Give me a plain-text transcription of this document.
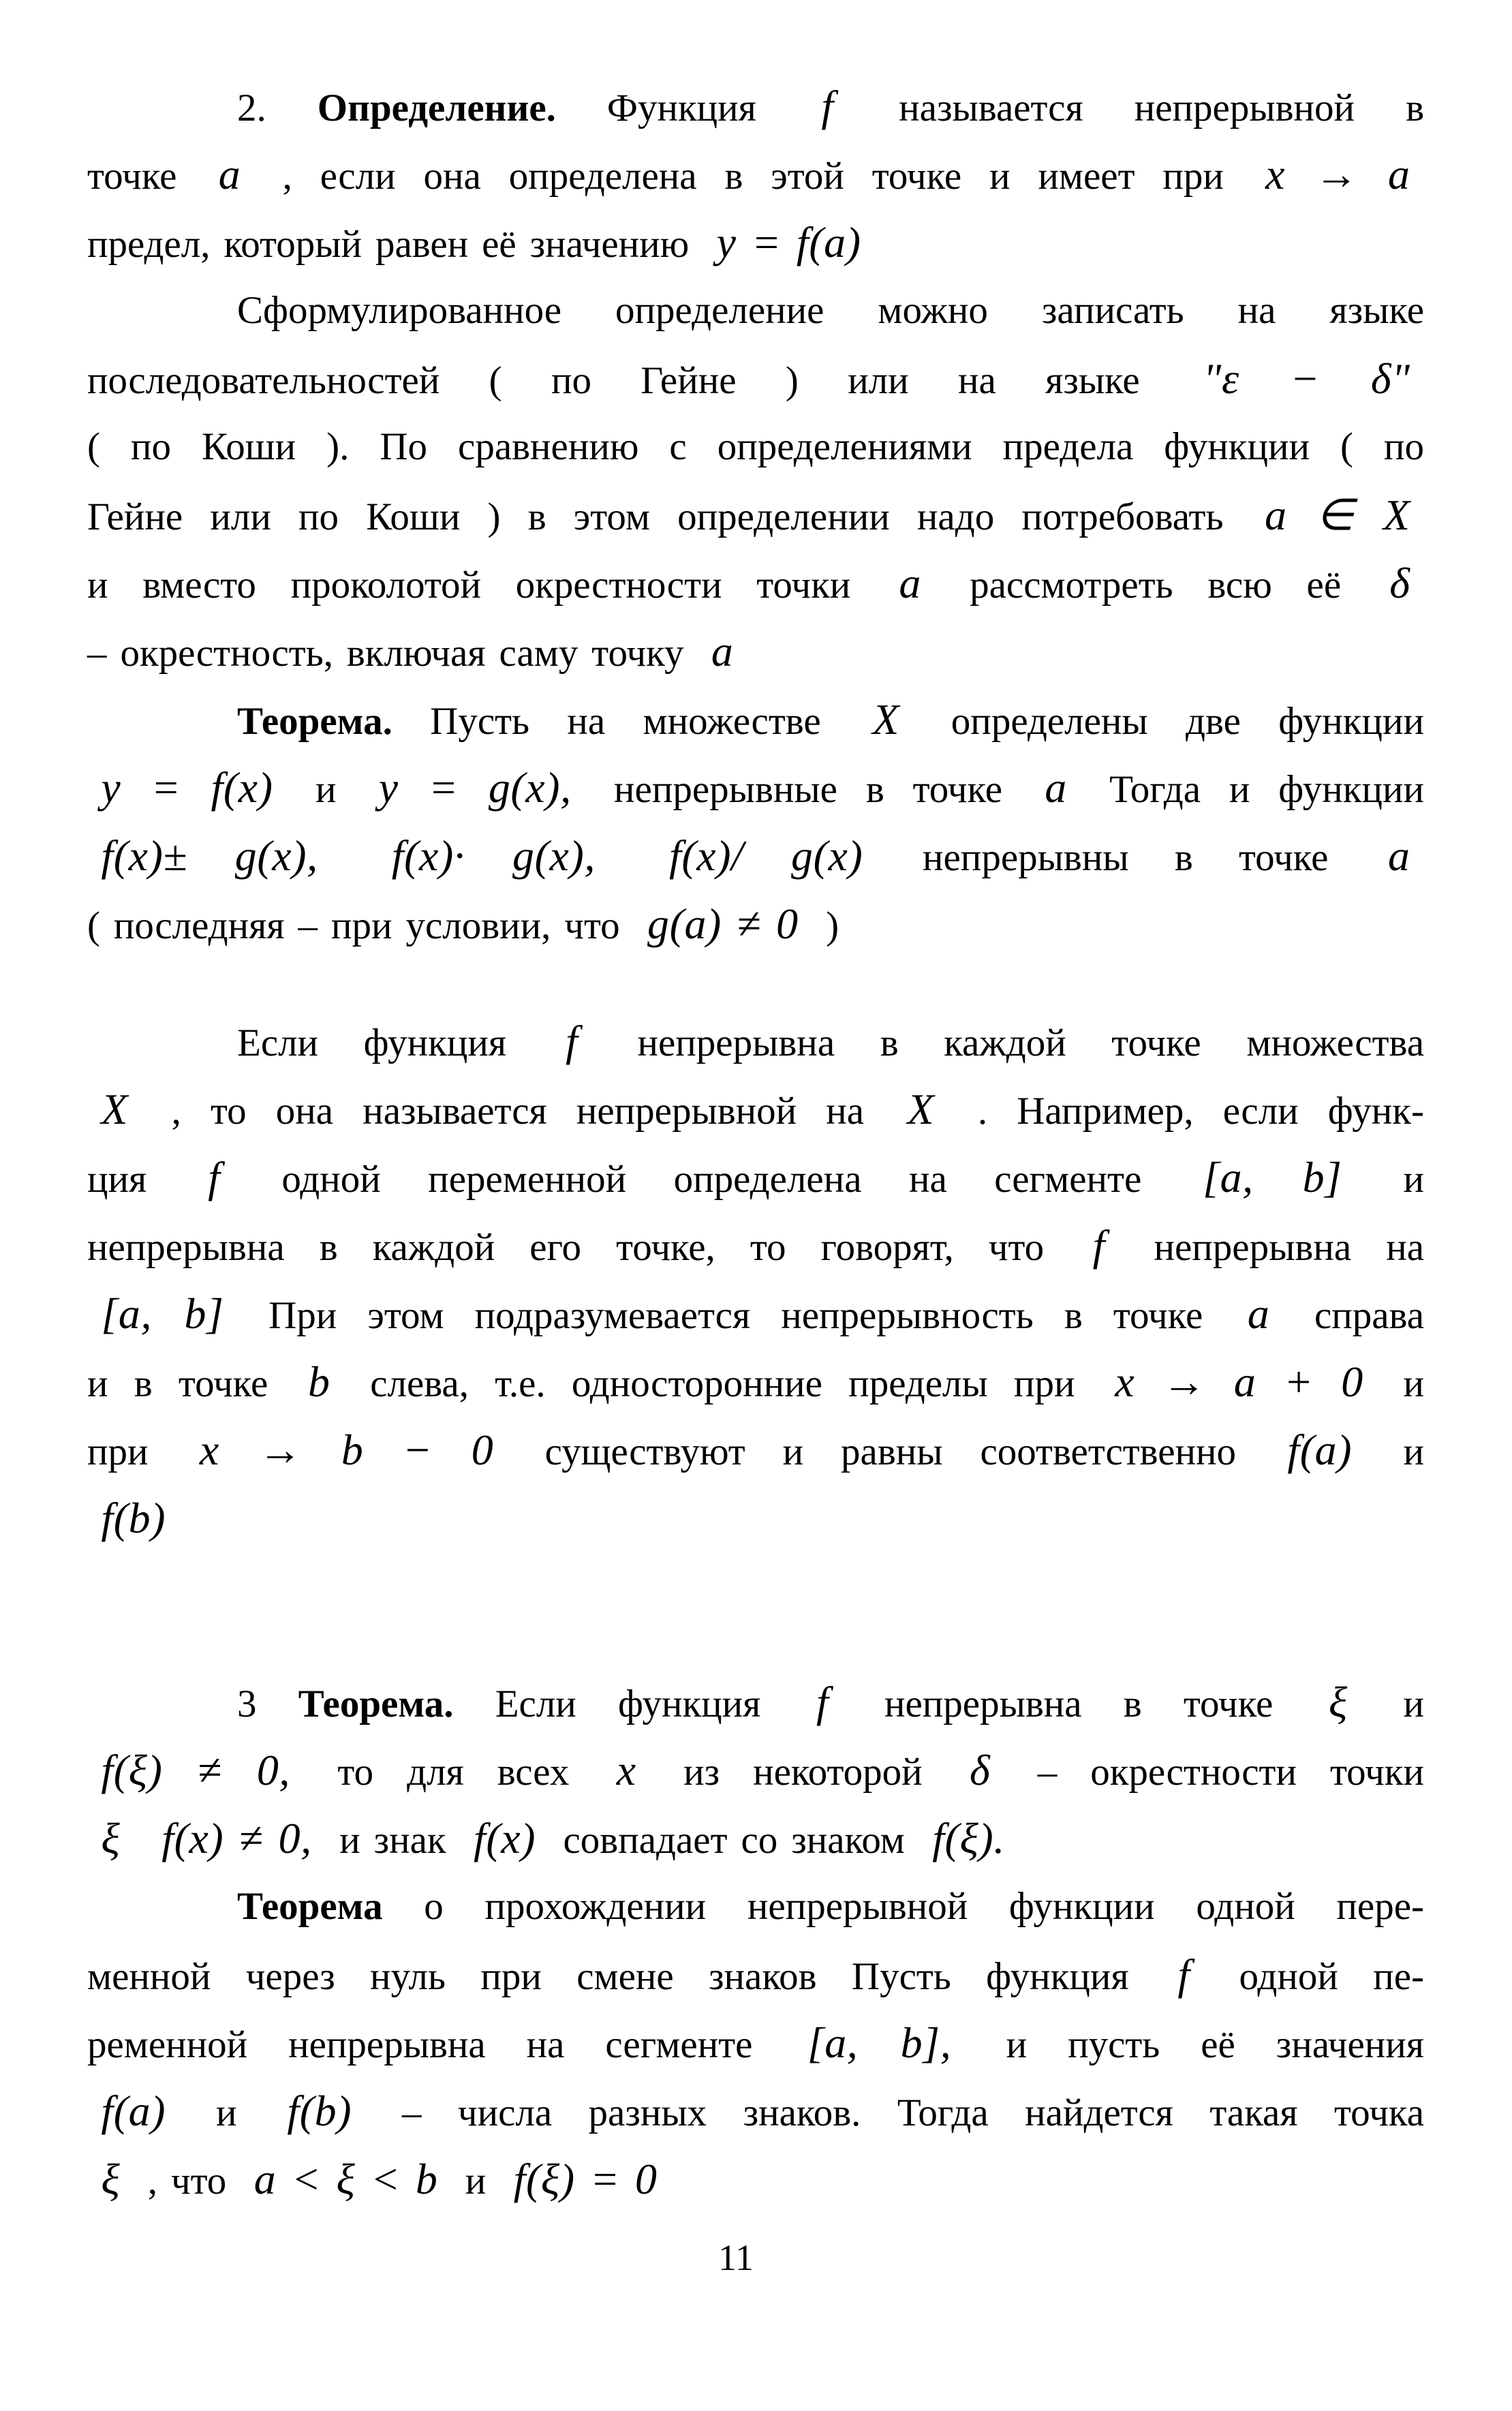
2. Определение. Функция f называется непрерывной в
точке a , если она определена в этой точке и имеет при x → a
предел, который равен её значению y = f(a)
Сформулированное определение можно записать на языке
последовательностей ( по Гейне ) или на языке "ε − δ"
( по Коши ). По сравнению с определениями предела функции ( по
Гейне или по Коши ) в этом определении надо потребовать a ∈ X
и вместо проколотой окрестности точки a рассмотреть всю её δ
– окрестность, включая саму точку a
Теорема. Пусть на множестве X определены две функции
y = f(x) и y = g(x), непрерывные в точке a Тогда и функции
f(x)± g(x), f(x)· g(x), f(x)/ g(x) непрерывны в точке a
( последняя – при условии, что g(a) ≠ 0 )
Если функция f непрерывна в каждой точке множества
X , то она называется непрерывной на X . Например, если функ-
ция f одной переменной определена на сегменте [a, b] и
непрерывна в каждой его точке, то говорят, что f непрерывна на
[a, b] При этом подразумевается непрерывность в точке a справа
и в точке b слева, т.е. односторонние пределы при x → a + 0 и
при x → b − 0 существуют и равны соответственно f(a) и
f(b)
3 Теорема. Если функция f непрерывна в точке ξ и
f(ξ) ≠ 0, то для всех x из некоторой δ – окрестности точки
ξ f(x) ≠ 0, и знак f(x) совпадает со знаком f(ξ).
Теорема о прохождении непрерывной функции одной пере-
менной через нуль при смене знаков Пусть функция f одной пе-
ременной непрерывна на сегменте [a, b], и пусть её значения
f(a) и f(b) – числа разных знаков. Тогда найдется такая точка
ξ , что a < ξ < b и f(ξ) = 0
11
